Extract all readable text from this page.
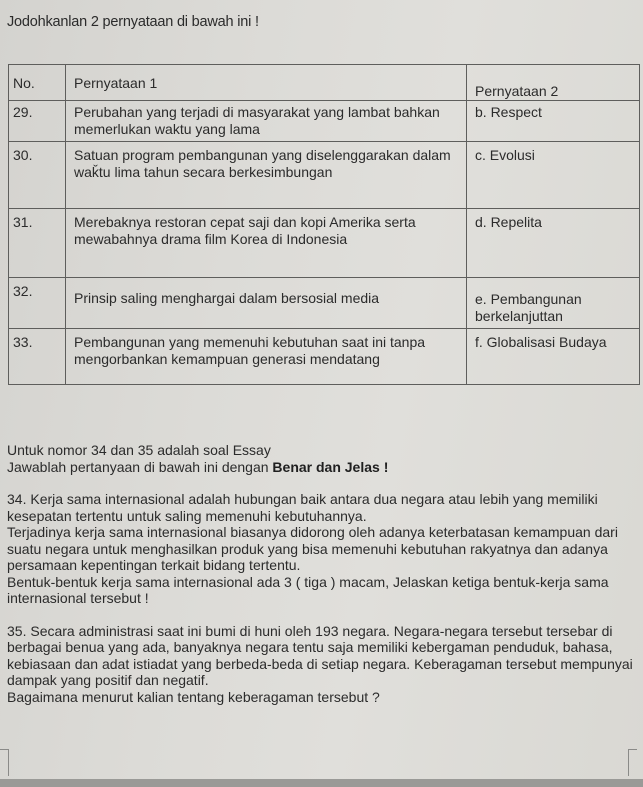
Jodohkanlan 2 pernyataan di bawah ini !
No.	Pernyataan 1	Pernyataan 2

29.	Perubahan yang terjadi di masyarakat yang lambat bahkan memerlukan waktu yang lama	b. Respect

30.	Satuan program pembangunan yang diselenggarakan dalam waǩtu lima tahun secara berkesimbungan	c. Evolusi

31.	Merebaknya restoran cepat saji dan kopi Amerika serta mewabahnya drama film Korea di Indonesia	d. Repelita

32.	Prinsip saling menghargai dalam bersosial media	e. Pembangunan berkelanjuttan

33.	Pembangunan yang memenuhi kebutuhan saat ini tanpa mengorbankan kemampuan generasi mendatang	f. Globalisasi Budaya

Untuk nomor 34 dan 35 adalah soal Essay

Jawablah pertanyaan di bawah ini dengan Benar dan Jelas !

34. Kerja sama internasional adalah hubungan baik antara dua negara atau lebih yang memiliki kesepatan tertentu untuk saling memenuhi kebutuhannya.

Terjadinya kerja sama internasional biasanya didorong oleh adanya keterbatasan kemampuan dari suatu negara untuk menghasilkan produk yang bisa memenuhi kebutuhan rakyatnya dan adanya persamaan kepentingan terkait bidang tertentu.

Bentuk-bentuk kerja sama internasional ada 3 ( tiga ) macam, Jelaskan ketiga bentuk-kerja sama internasional tersebut !

35. Secara administrasi saat ini bumi di huni oleh 193 negara. Negara-negara tersebut tersebar di berbagai benua yang ada, banyaknya negara tentu saja memiliki kebergaman penduduk, bahasa, kebiasaan dan adat istiadat yang berbeda-beda di setiap negara. Keberagaman tersebut mempunyai dampak yang positif dan negatif.

Bagaimana menurut kalian tentang keberagaman tersebut ?
